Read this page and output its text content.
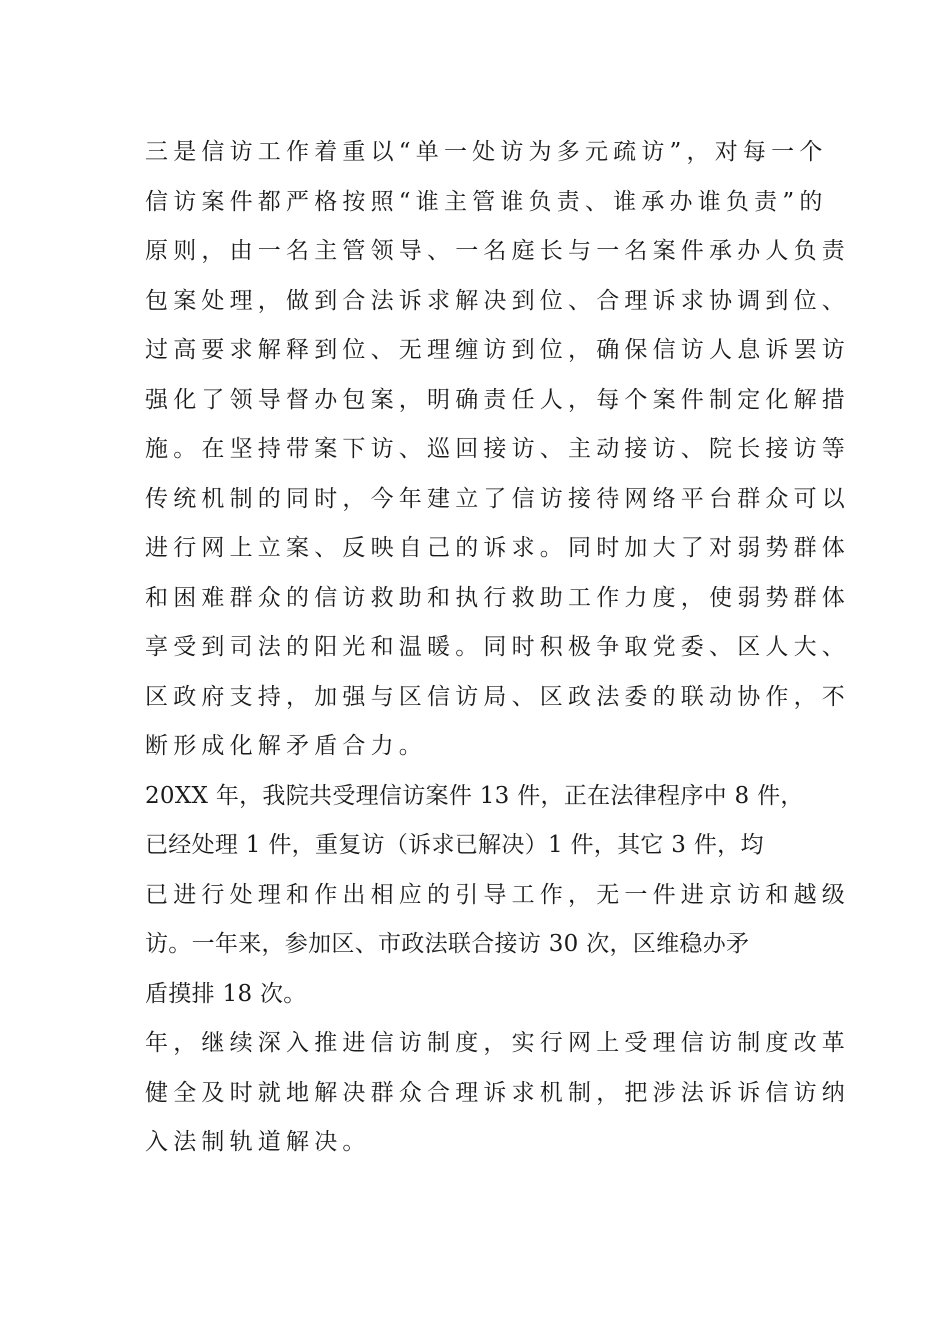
三是信访工作着重以“单一处访为多元疏访”，对每一个
信访案件都严格按照“谁主管谁负责、谁承办谁负责”的
原则，由一名主管领导、一名庭长与一名案件承办人负责
包案处理，做到合法诉求解决到位、合理诉求协调到位、
过高要求解释到位、无理缠访到位，确保信访人息诉罢访
强化了领导督办包案，明确责任人，每个案件制定化解措
施。在坚持带案下访、巡回接访、主动接访、院长接访等
传统机制的同时，今年建立了信访接待网络平台群众可以
进行网上立案、反映自己的诉求。同时加大了对弱势群体
和困难群众的信访救助和执行救助工作力度，使弱势群体
享受到司法的阳光和温暖。同时积极争取党委、区人大、
区政府支持，加强与区信访局、区政法委的联动协作，不
断形成化解矛盾合力。
20XX 年，我院共受理信访案件 13 件，正在法律程序中 8 件，
已经处理 1 件，重复访（诉求已解决）1 件，其它 3 件，均
已进行处理和作出相应的引导工作，无一件进京访和越级
访。一年来，参加区、市政法联合接访 30 次，区维稳办矛
盾摸排 18 次。
年，继续深入推进信访制度，实行网上受理信访制度改革
健全及时就地解决群众合理诉求机制，把涉法诉诉信访纳
入法制轨道解决。
